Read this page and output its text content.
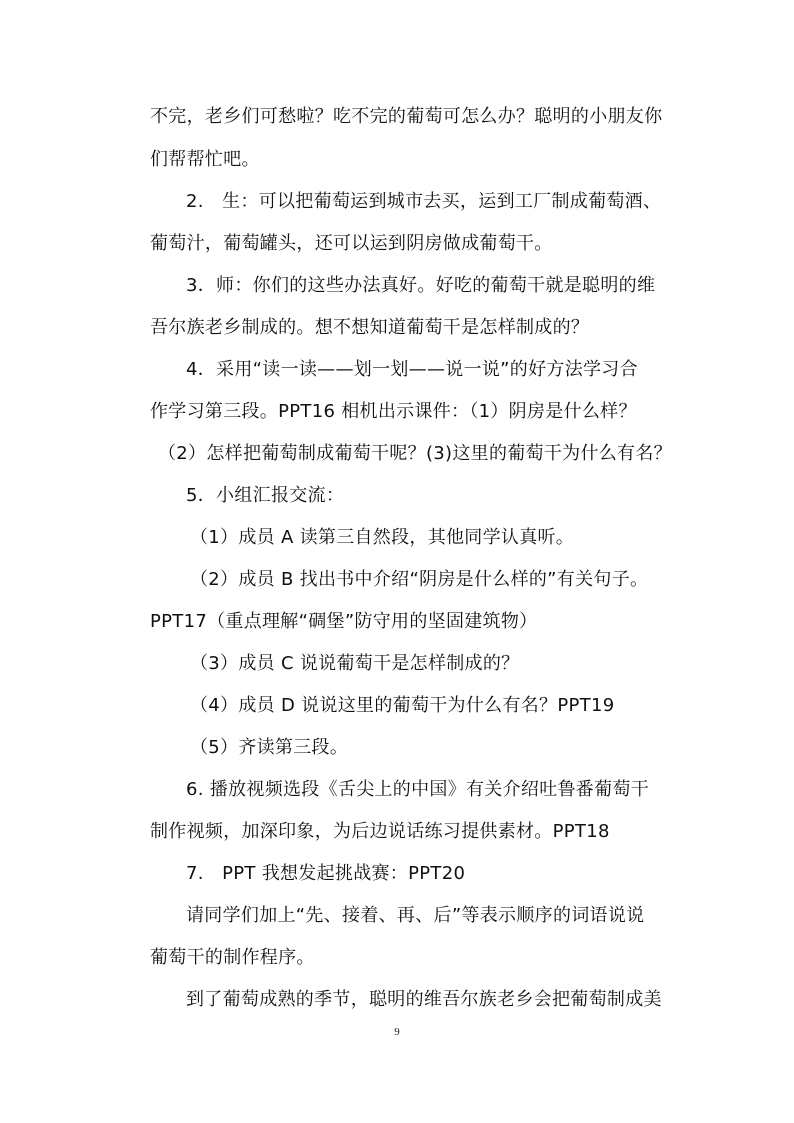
不完，老乡们可愁啦？吃不完的葡萄可怎么办？聪明的小朋友你
们帮帮忙吧。
2.　生：可以把葡萄运到城市去买，运到工厂制成葡萄酒、
葡萄汁，葡萄罐头，还可以运到阴房做成葡萄干。
3．师：你们的这些办法真好。好吃的葡萄干就是聪明的维
吾尔族老乡制成的。想不想知道葡萄干是怎样制成的？
4．采用“读一读——划一划——说一说”的好方法学习合
作学习第三段。PPT16 相机出示课件：（1）阴房是什么样？
（2）怎样把葡萄制成葡萄干呢？(3)这里的葡萄干为什么有名？
5．小组汇报交流：
（1）成员 A 读第三自然段，其他同学认真听。
（2）成员 B 找出书中介绍“阴房是什么样的”有关句子。
PPT17（重点理解“碉堡”防守用的坚固建筑物）
（3）成员 C 说说葡萄干是怎样制成的？
（4）成员 D 说说这里的葡萄干为什么有名？PPT19
（5）齐读第三段。
6. 播放视频选段《舌尖上的中国》有关介绍吐鲁番葡萄干
制作视频，加深印象，为后边说话练习提供素材。PPT18
7.　PPT 我想发起挑战赛：PPT20
请同学们加上“先、接着、再、后”等表示顺序的词语说说
葡萄干的制作程序。
到了葡萄成熟的季节，聪明的维吾尔族老乡会把葡萄制成美
9
